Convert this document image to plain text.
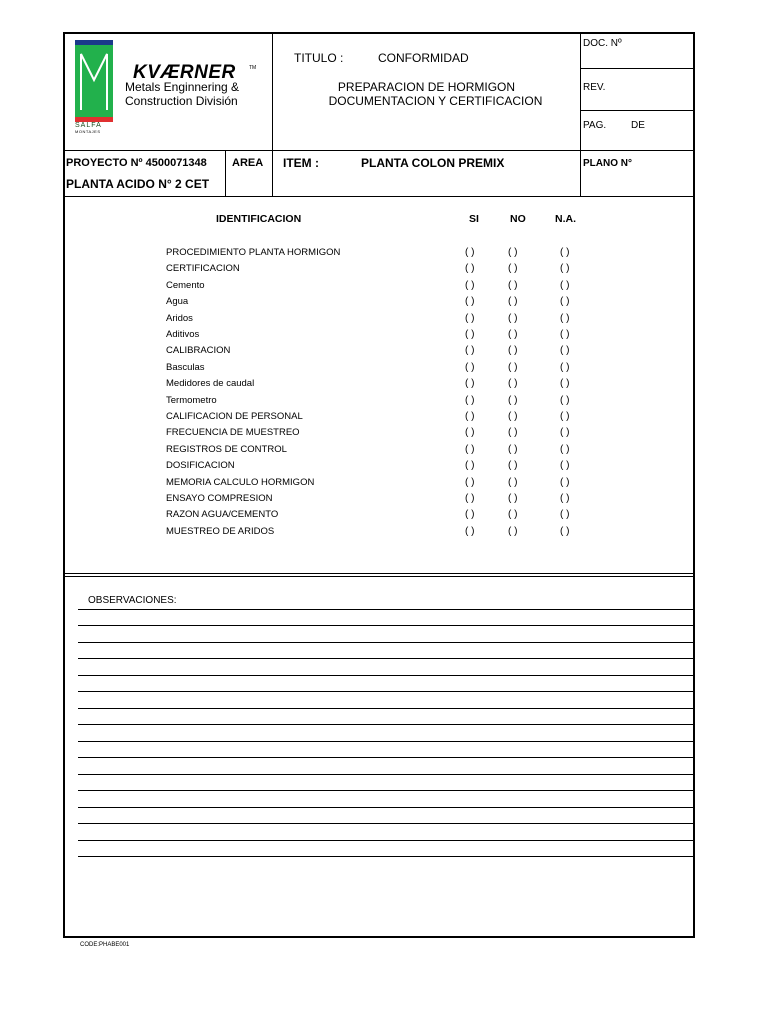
SALFA
MONTAJES
KVÆRNER	TM
Metals Enginnering &
Construction División
TITULO :	CONFORMIDAD
PREPARACION DE HORMIGON
DOCUMENTACION Y CERTIFICACION
DOC. Nº
REV.
PAG. DE
PROYECTO Nº 4500071348
PLANTA ACIDO N° 2 CET
AREA ITEM :	PLANTA COLON PREMIX	PLANO N°
IDENTIFICACION	SI	NO	N.A.
PROCEDIMIENTO PLANTA HORMIGON	( )	( )	( )
CERTIFICACION	( )	( )	( )
Cemento	( )	( )	( )
Agua	( )	( )	( )
Aridos	( )	( )	( )
Aditivos	( )	( )	( )
CALIBRACION	( )	( )	( )
Basculas	( )	( )	( )
Medidores de caudal	( )	( )	( )
Termometro	( )	( )	( )
CALIFICACION DE PERSONAL	( )	( )	( )
FRECUENCIA DE MUESTREO	( )	( )	( )
REGISTROS DE CONTROL	( )	( )	( )
DOSIFICACION	( )	( )	( )
MEMORIA CALCULO HORMIGON	( )	( )	( )
ENSAYO COMPRESION	( )	( )	( )
RAZON AGUA/CEMENTO	( )	( )	( )
MUESTREO DE ARIDOS	( )	( )	( )
OBSERVACIONES:
CODE:PHABE001
